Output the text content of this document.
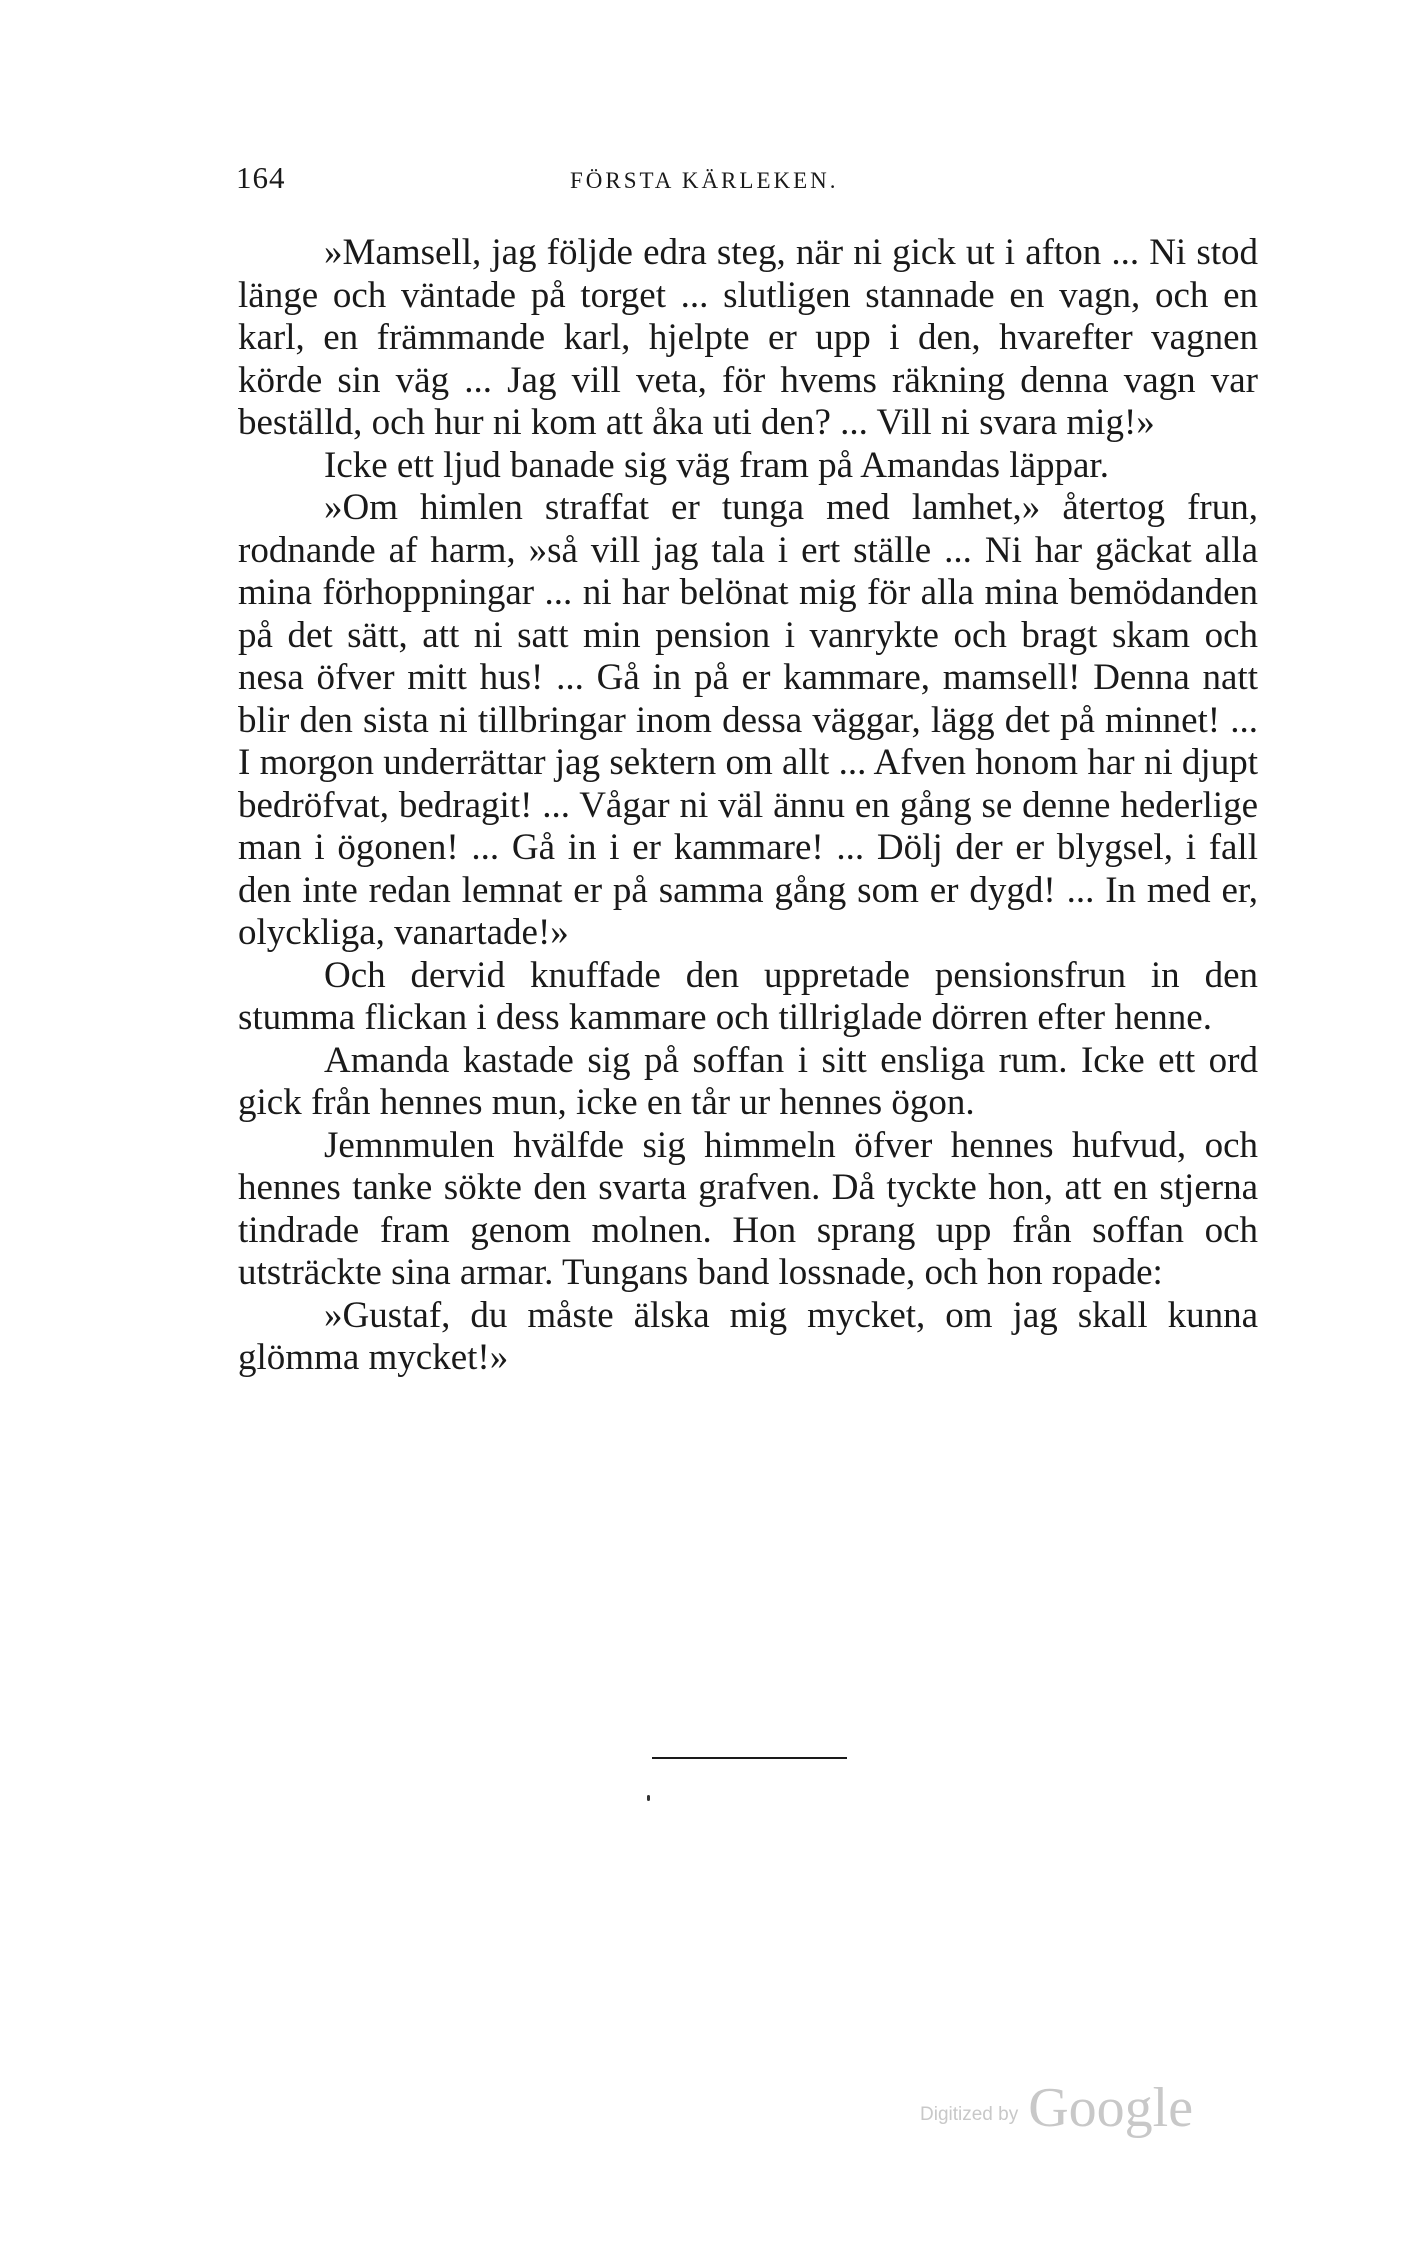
164	FÖRSTA KÄRLEKEN.

»Mamsell, jag följde edra steg, när ni gick ut i afton ... Ni stod länge och väntade på torget ... slutligen stannade en vagn, och en karl, en främmande karl, hjelpte er upp i den, hvarefter vagnen körde sin väg ... Jag vill veta, för hvems räkning denna vagn var beställd, och hur ni kom att åka uti den? ... Vill ni svara mig!»

Icke ett ljud banade sig väg fram på Amandas läppar.

»Om himlen straffat er tunga med lamhet,» återtog frun, rodnande af harm, »så vill jag tala i ert ställe ... Ni har gäckat alla mina förhoppningar ... ni har belönat mig för alla mina bemödanden på det sätt, att ni satt min pension i vanrykte och bragt skam och nesa öfver mitt hus! ... Gå in på er kammare, mamsell! Denna natt blir den sista ni tillbringar inom dessa väggar, lägg det på minnet! ... I morgon underrättar jag sektern om allt ... Afven honom har ni djupt bedröfvat, bedragit! ... Vågar ni väl ännu en gång se denne hederlige man i ögonen! ... Gå in i er kammare! ... Dölj der er blygsel, i fall den inte redan lemnat er på samma gång som er dygd! ... In med er, olyckliga, vanartade!»

Och dervid knuffade den uppretade pensionsfrun in den stumma flickan i dess kammare och tillriglade dörren efter henne.

Amanda kastade sig på soffan i sitt ensliga rum. Icke ett ord gick från hennes mun, icke en tår ur hennes ögon.

Jemnmulen hvälfde sig himmeln öfver hennes hufvud, och hennes tanke sökte den svarta grafven. Då tyckte hon, att en stjerna tindrade fram genom molnen. Hon sprang upp från soffan och utsträckte sina armar. Tungans band lossnade, och hon ropade:

»Gustaf, du måste älska mig mycket, om jag skall kunna glömma mycket!»

Digitized by Google
